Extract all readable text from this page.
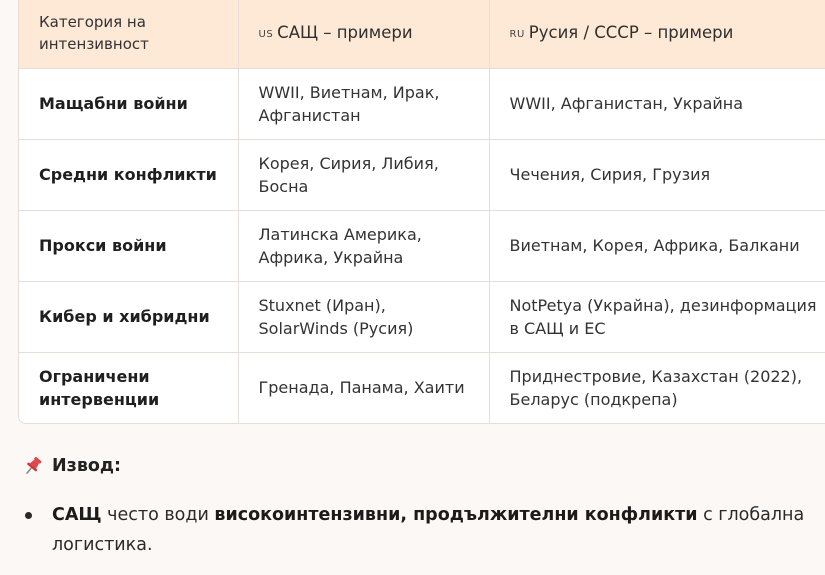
Категория на интензивност	US САЩ – примери	RU Русия / СССР – примери
Мащабни войни	WWII, Виетнам, Ирак, Афганистан	WWII, Афганистан, Украйна
Средни конфликти	Корея, Сирия, Либия, Босна	Чечения, Сирия, Грузия
Прокси войни	Латинска Америка, Африка, Украйна	Виетнам, Корея, Африка, Балкани
Кибер и хибридни	Stuxnet (Иран), SolarWinds (Русия)	NotPetya (Украйна), дезинформация в САЩ и ЕС
Ограничени интервенции	Гренада, Панама, Хаити	Приднестровие, Казахстан (2022), Беларус (подкрепа)
Извод:
САЩ често води високоинтензивни, продължителни конфликти с глобална логистика.
